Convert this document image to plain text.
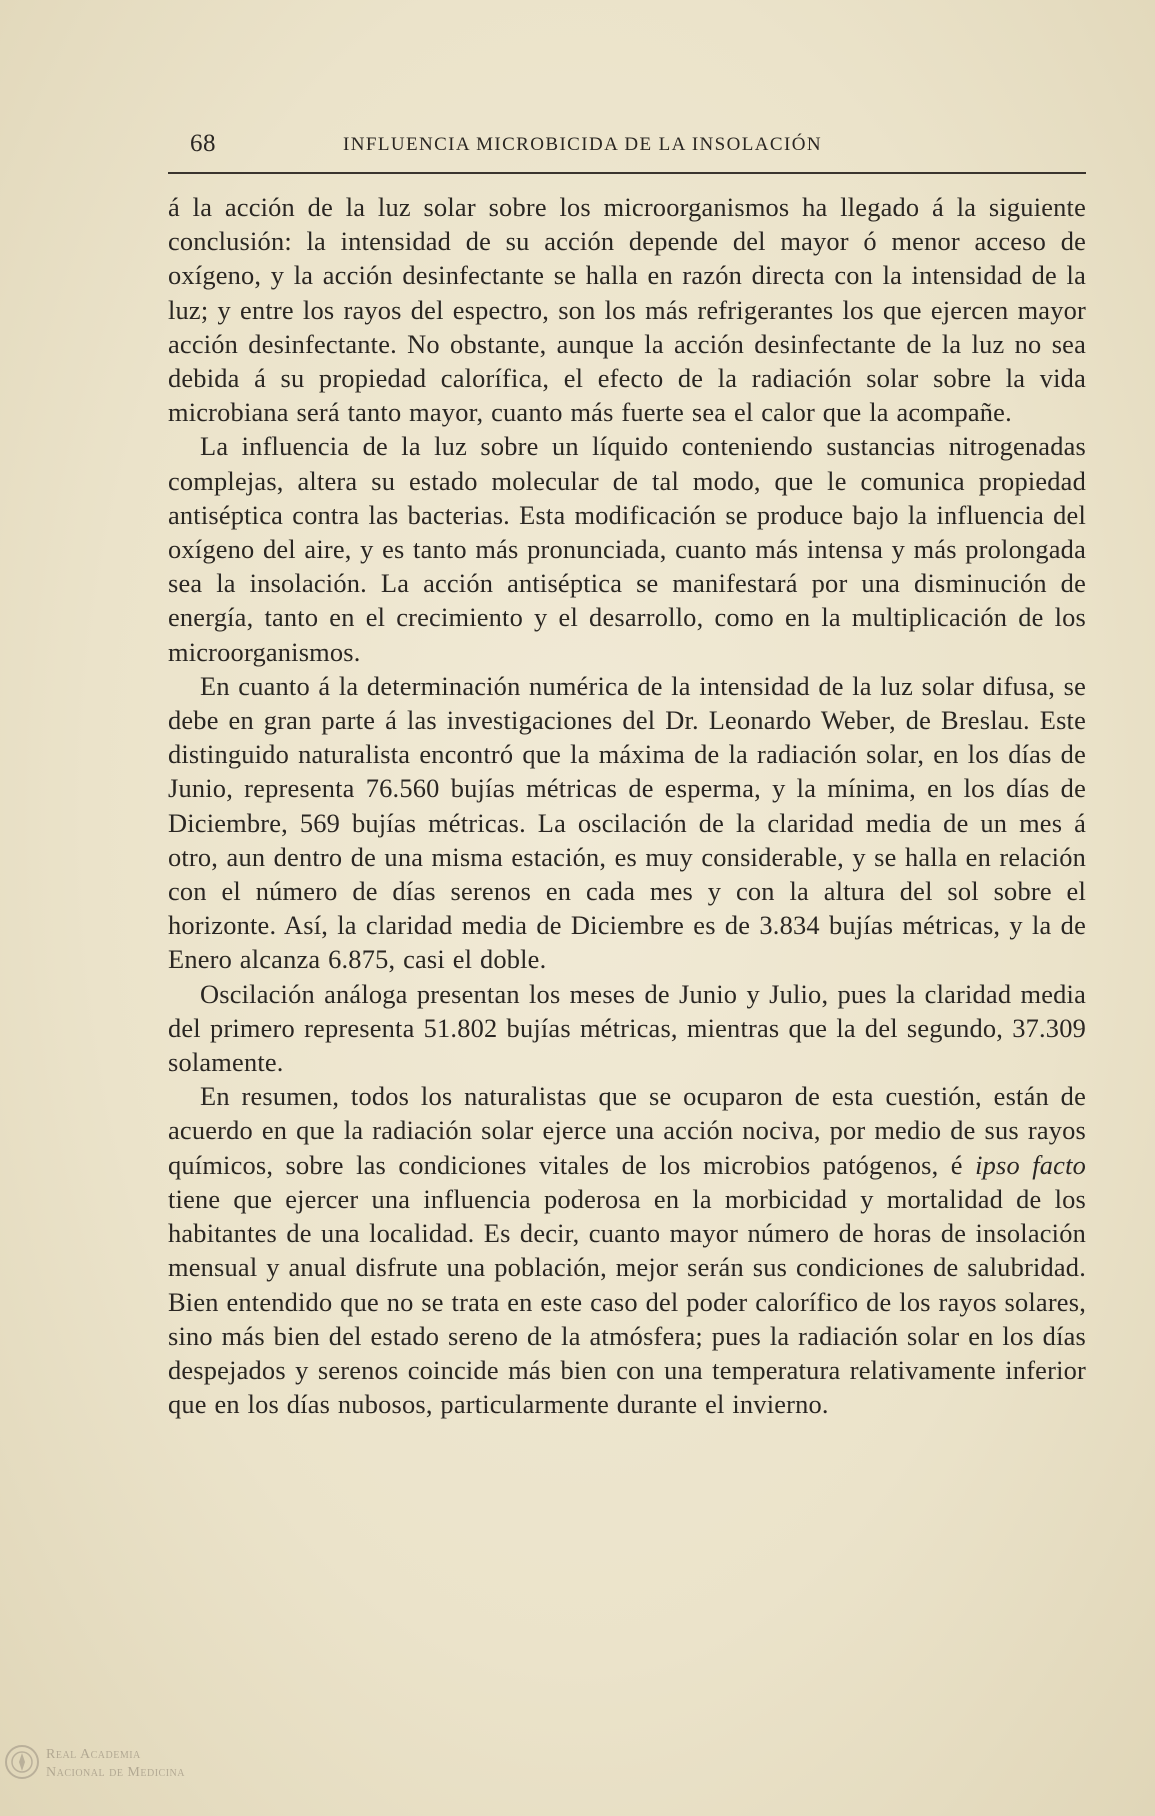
68	INFLUENCIA MICROBICIDA DE LA INSOLACIÓN

á la acción de la luz solar sobre los microorganismos ha llegado á la siguiente conclusión: la intensidad de su acción depende del mayor ó menor acceso de oxígeno, y la acción desinfectante se halla en razón directa con la intensidad de la luz; y entre los rayos del espectro, son los más refrigerantes los que ejercen mayor acción desinfectante. No obstante, aunque la acción desinfectante de la luz no sea debida á su propiedad calorífica, el efecto de la radiación solar sobre la vida microbiana será tanto mayor, cuanto más fuerte sea el calor que la acompañe.

La influencia de la luz sobre un líquido conteniendo sustancias nitrogenadas complejas, altera su estado molecular de tal modo, que le comunica propiedad antiséptica contra las bacterias. Esta modificación se produce bajo la influencia del oxígeno del aire, y es tanto más pronunciada, cuanto más intensa y más prolongada sea la insolación. La acción antiséptica se manifestará por una disminución de energía, tanto en el crecimiento y el desarrollo, como en la multiplicación de los microorganismos.

En cuanto á la determinación numérica de la intensidad de la luz solar difusa, se debe en gran parte á las investigaciones del Dr. Leonardo Weber, de Breslau. Este distinguido naturalista encontró que la máxima de la radiación solar, en los días de Junio, representa 76.560 bujías métricas de esperma, y la mínima, en los días de Diciembre, 569 bujías métricas. La oscilación de la claridad media de un mes á otro, aun dentro de una misma estación, es muy considerable, y se halla en relación con el número de días serenos en cada mes y con la altura del sol sobre el horizonte. Así, la claridad media de Diciembre es de 3.834 bujías métricas, y la de Enero alcanza 6.875, casi el doble.

Oscilación análoga presentan los meses de Junio y Julio, pues la claridad media del primero representa 51.802 bujías métricas, mientras que la del segundo, 37.309 solamente.

En resumen, todos los naturalistas que se ocuparon de esta cuestión, están de acuerdo en que la radiación solar ejerce una acción nociva, por medio de sus rayos químicos, sobre las condiciones vitales de los microbios patógenos, é ipso facto tiene que ejercer una influencia poderosa en la morbicidad y mortalidad de los habitantes de una localidad. Es decir, cuanto mayor número de horas de insolación mensual y anual disfrute una población, mejor serán sus condiciones de salubridad. Bien entendido que no se trata en este caso del poder calorífico de los rayos solares, sino más bien del estado sereno de la atmósfera; pues la radiación solar en los días despejados y serenos coincide más bien con una temperatura relativamente inferior que en los días nubosos, particularmente durante el invierno.

Real Academia
Nacional de Medicina
